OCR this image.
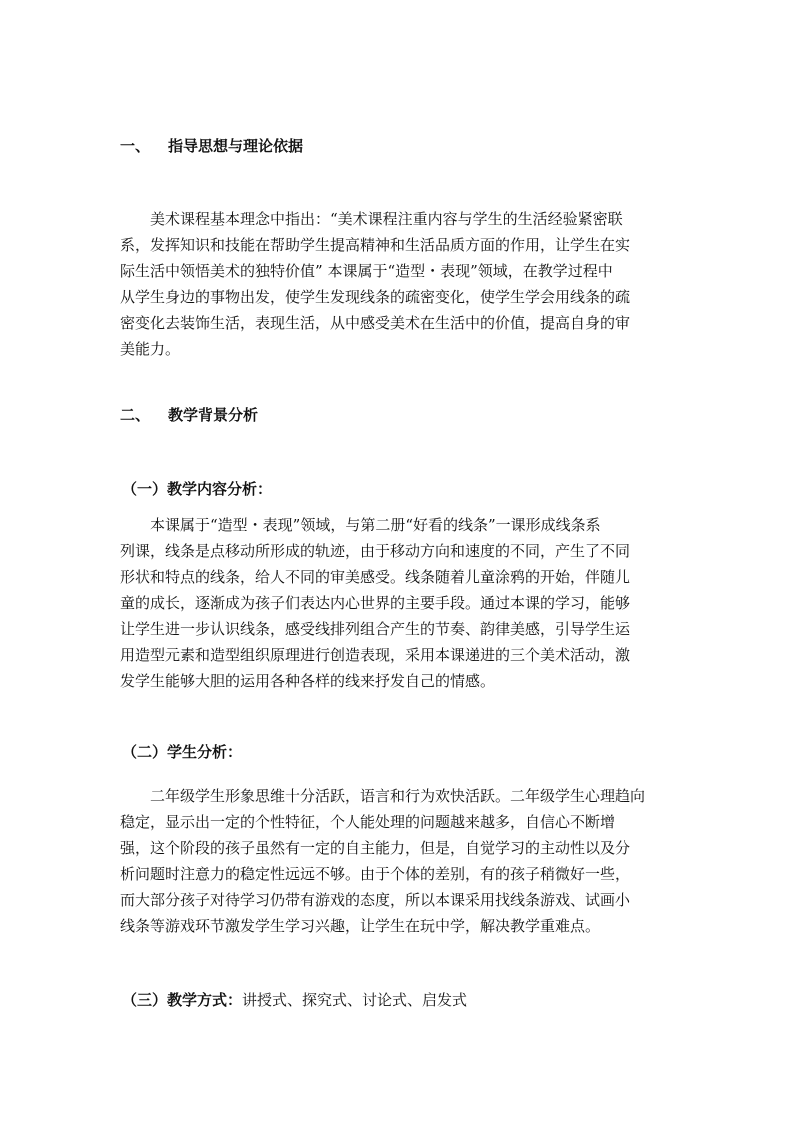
一、 指导思想与理论依据
　　美术课程基本理念中指出：“美术课程注重内容与学生的生活经验紧密联
系，发挥知识和技能在帮助学生提高精神和生活品质方面的作用，让学生在实
际生活中领悟美术的独特价值” 本课属于“造型・表现”领域，在教学过程中
从学生身边的事物出发，使学生发现线条的疏密变化，使学生学会用线条的疏
密变化去装饰生活，表现生活，从中感受美术在生活中的价值，提高自身的审
美能力。
二、 教学背景分析
（一）教学内容分析：
　　本课属于“造型・表现”领域，与第二册“好看的线条”一课形成线条系
列课，线条是点移动所形成的轨迹，由于移动方向和速度的不同，产生了不同
形状和特点的线条，给人不同的审美感受。线条随着儿童涂鸦的开始，伴随儿
童的成长，逐渐成为孩子们表达内心世界的主要手段。通过本课的学习，能够
让学生进一步认识线条，感受线排列组合产生的节奏、韵律美感，引导学生运
用造型元素和造型组织原理进行创造表现，采用本课递进的三个美术活动，激
发学生能够大胆的运用各种各样的线来抒发自己的情感。
（二）学生分析：
　　二年级学生形象思维十分活跃，语言和行为欢快活跃。二年级学生心理趋向
稳定，显示出一定的个性特征，个人能处理的问题越来越多，自信心不断增
强，这个阶段的孩子虽然有一定的自主能力，但是，自觉学习的主动性以及分
析问题时注意力的稳定性远远不够。由于个体的差别，有的孩子稍微好一些，
而大部分孩子对待学习仍带有游戏的态度，所以本课采用找线条游戏、试画小
线条等游戏环节激发学生学习兴趣，让学生在玩中学，解决教学重难点。
（三）教学方式：讲授式、探究式、讨论式、启发式
